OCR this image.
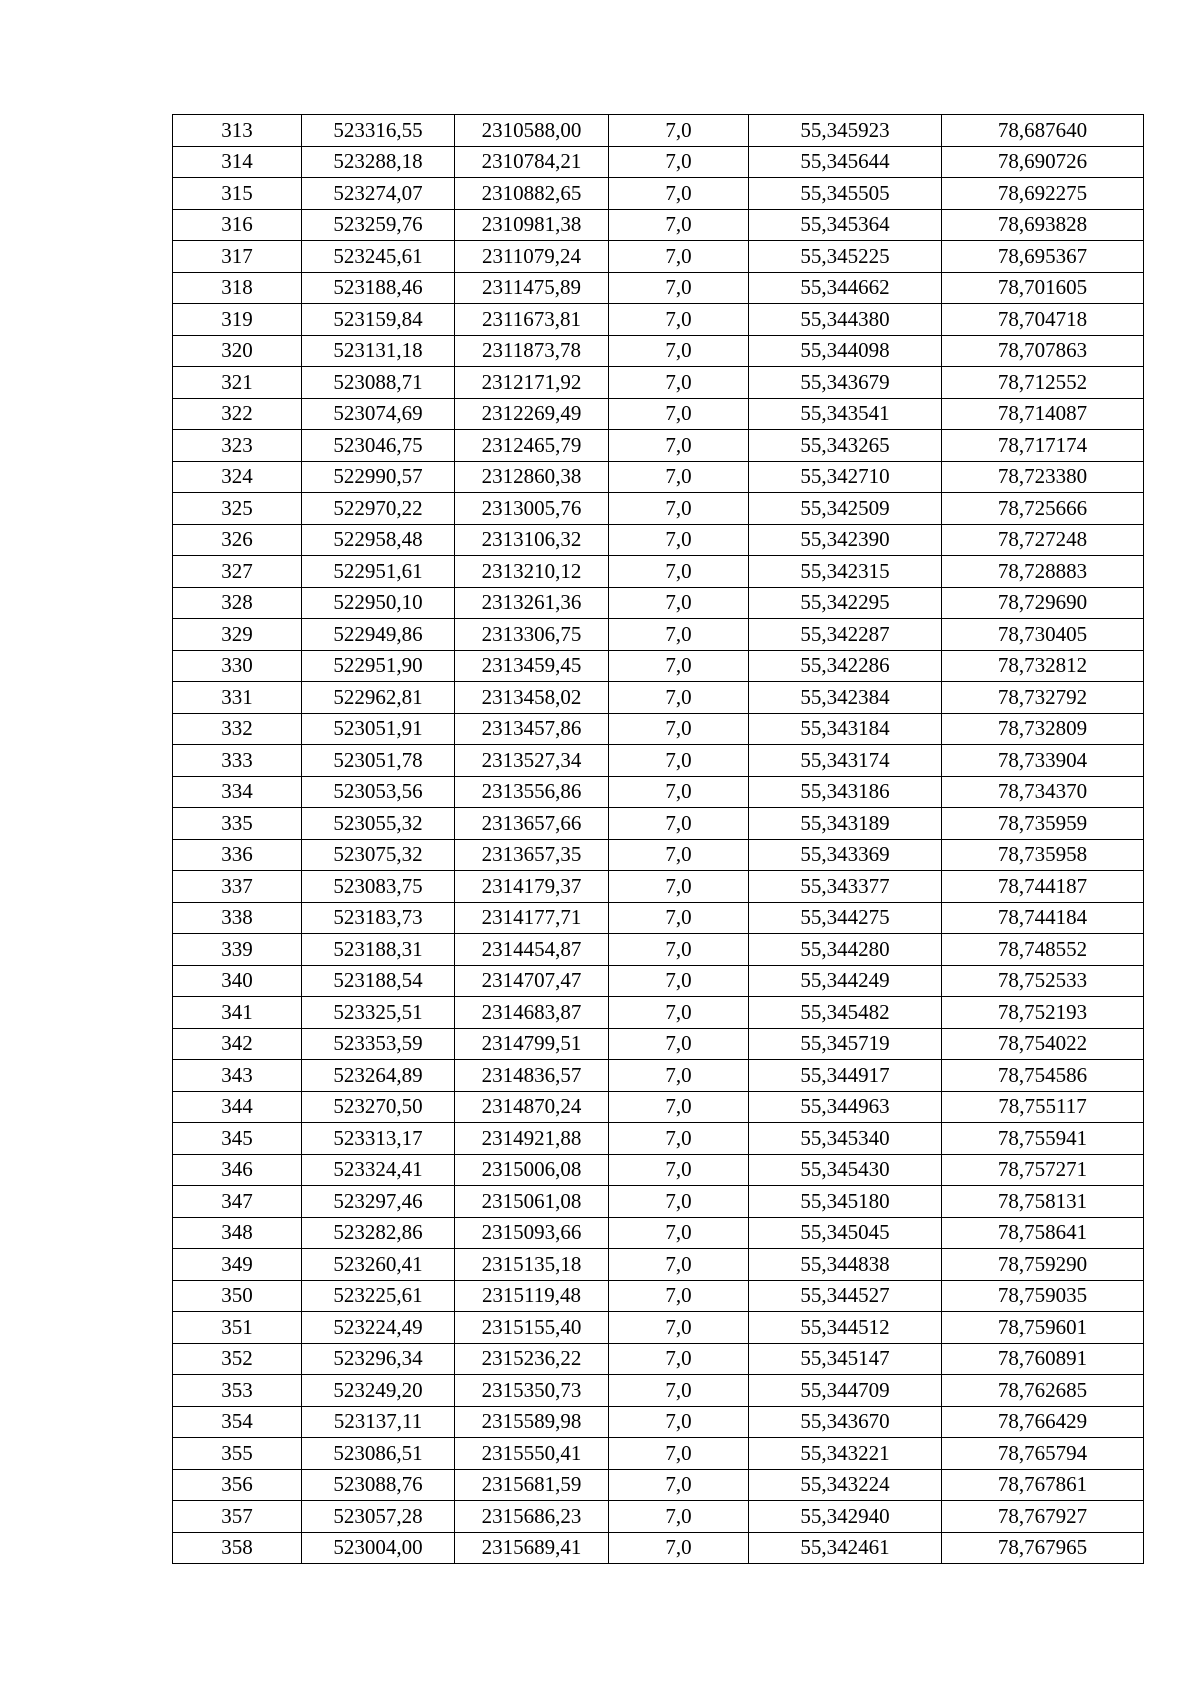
313	523316,55	2310588,00	7,0	55,345923	78,687640
314	523288,18	2310784,21	7,0	55,345644	78,690726
315	523274,07	2310882,65	7,0	55,345505	78,692275
316	523259,76	2310981,38	7,0	55,345364	78,693828
317	523245,61	2311079,24	7,0	55,345225	78,695367
318	523188,46	2311475,89	7,0	55,344662	78,701605
319	523159,84	2311673,81	7,0	55,344380	78,704718
320	523131,18	2311873,78	7,0	55,344098	78,707863
321	523088,71	2312171,92	7,0	55,343679	78,712552
322	523074,69	2312269,49	7,0	55,343541	78,714087
323	523046,75	2312465,79	7,0	55,343265	78,717174
324	522990,57	2312860,38	7,0	55,342710	78,723380
325	522970,22	2313005,76	7,0	55,342509	78,725666
326	522958,48	2313106,32	7,0	55,342390	78,727248
327	522951,61	2313210,12	7,0	55,342315	78,728883
328	522950,10	2313261,36	7,0	55,342295	78,729690
329	522949,86	2313306,75	7,0	55,342287	78,730405
330	522951,90	2313459,45	7,0	55,342286	78,732812
331	522962,81	2313458,02	7,0	55,342384	78,732792
332	523051,91	2313457,86	7,0	55,343184	78,732809
333	523051,78	2313527,34	7,0	55,343174	78,733904
334	523053,56	2313556,86	7,0	55,343186	78,734370
335	523055,32	2313657,66	7,0	55,343189	78,735959
336	523075,32	2313657,35	7,0	55,343369	78,735958
337	523083,75	2314179,37	7,0	55,343377	78,744187
338	523183,73	2314177,71	7,0	55,344275	78,744184
339	523188,31	2314454,87	7,0	55,344280	78,748552
340	523188,54	2314707,47	7,0	55,344249	78,752533
341	523325,51	2314683,87	7,0	55,345482	78,752193
342	523353,59	2314799,51	7,0	55,345719	78,754022
343	523264,89	2314836,57	7,0	55,344917	78,754586
344	523270,50	2314870,24	7,0	55,344963	78,755117
345	523313,17	2314921,88	7,0	55,345340	78,755941
346	523324,41	2315006,08	7,0	55,345430	78,757271
347	523297,46	2315061,08	7,0	55,345180	78,758131
348	523282,86	2315093,66	7,0	55,345045	78,758641
349	523260,41	2315135,18	7,0	55,344838	78,759290
350	523225,61	2315119,48	7,0	55,344527	78,759035
351	523224,49	2315155,40	7,0	55,344512	78,759601
352	523296,34	2315236,22	7,0	55,345147	78,760891
353	523249,20	2315350,73	7,0	55,344709	78,762685
354	523137,11	2315589,98	7,0	55,343670	78,766429
355	523086,51	2315550,41	7,0	55,343221	78,765794
356	523088,76	2315681,59	7,0	55,343224	78,767861
357	523057,28	2315686,23	7,0	55,342940	78,767927
358	523004,00	2315689,41	7,0	55,342461	78,767965
